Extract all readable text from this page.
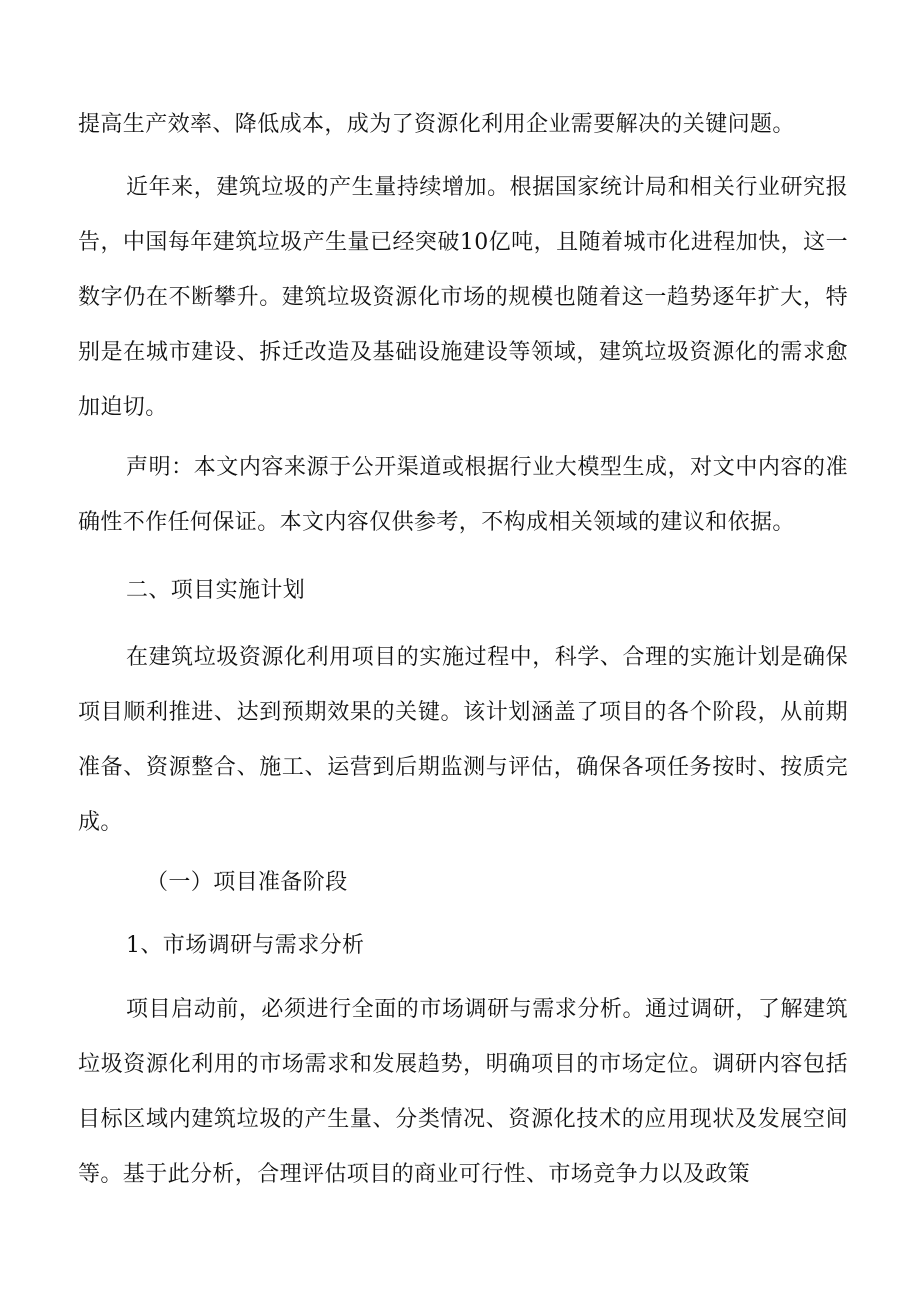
提高生产效率、降低成本，成为了资源化利用企业需要解决的关键问题。

近年来，建筑垃圾的产生量持续增加。根据国家统计局和相关行业研究报告，中国每年建筑垃圾产生量已经突破10亿吨，且随着城市化进程加快，这一数字仍在不断攀升。建筑垃圾资源化市场的规模也随着这一趋势逐年扩大，特别是在城市建设、拆迁改造及基础设施建设等领域，建筑垃圾资源化的需求愈加迫切。

声明：本文内容来源于公开渠道或根据行业大模型生成，对文中内容的准确性不作任何保证。本文内容仅供参考，不构成相关领域的建议和依据。

二、项目实施计划

在建筑垃圾资源化利用项目的实施过程中，科学、合理的实施计划是确保项目顺利推进、达到预期效果的关键。该计划涵盖了项目的各个阶段，从前期准备、资源整合、施工、运营到后期监测与评估，确保各项任务按时、按质完成。

（一）项目准备阶段

1、市场调研与需求分析

项目启动前，必须进行全面的市场调研与需求分析。通过调研，了解建筑垃圾资源化利用的市场需求和发展趋势，明确项目的市场定位。调研内容包括目标区域内建筑垃圾的产生量、分类情况、资源化技术的应用现状及发展空间等。基于此分析，合理评估项目的商业可行性、市场竞争力以及政策
